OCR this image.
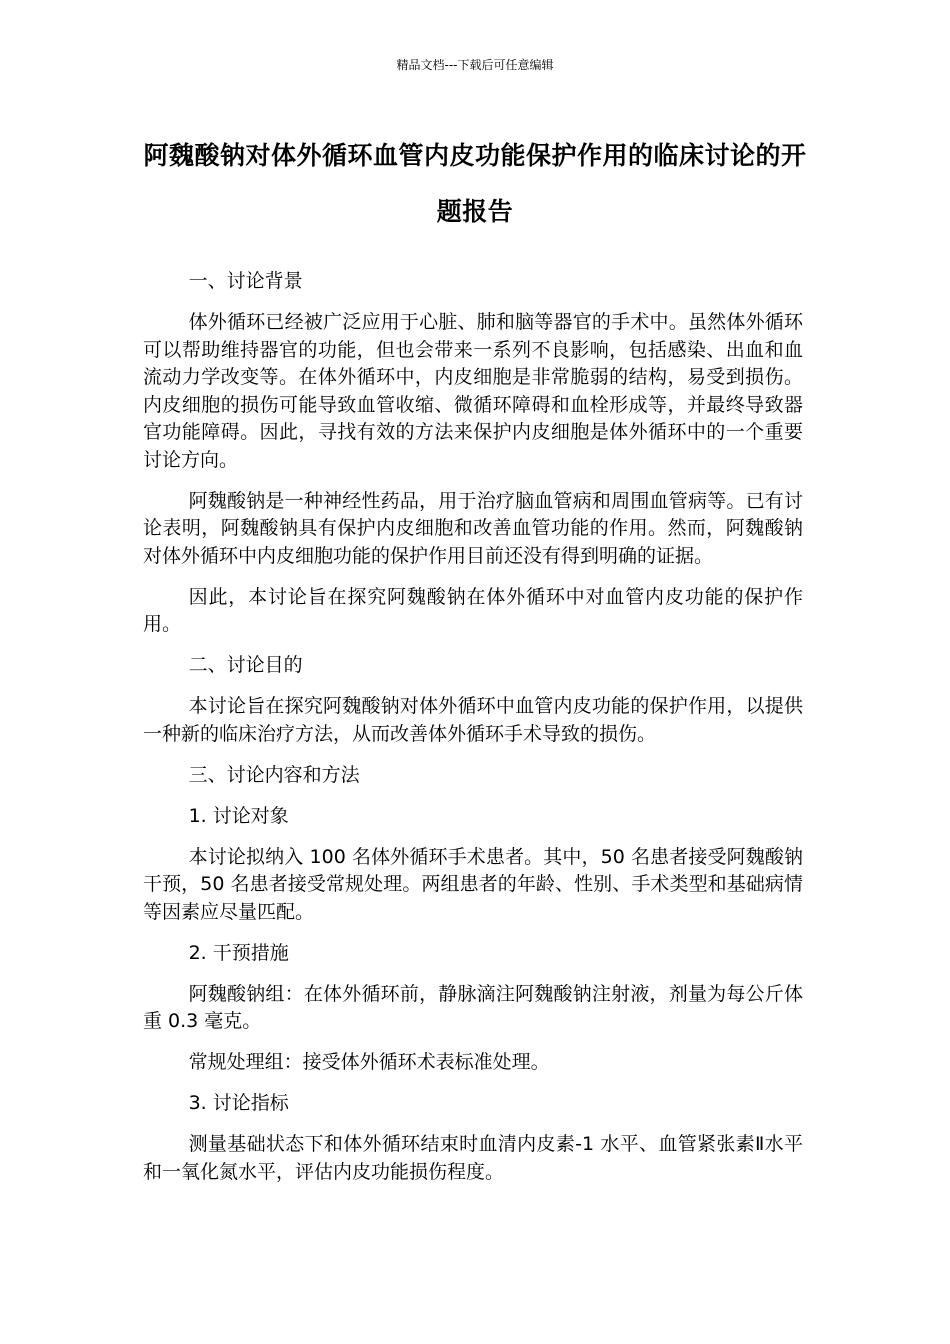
精品文档---下载后可任意编辑
阿魏酸钠对体外循环血管内皮功能保护作用的临床讨论的开题报告

一、讨论背景

体外循环已经被广泛应用于心脏、肺和脑等器官的手术中。虽然体外循环可以帮助维持器官的功能，但也会带来一系列不良影响，包括感染、出血和血流动力学改变等。在体外循环中，内皮细胞是非常脆弱的结构，易受到损伤。内皮细胞的损伤可能导致血管收缩、微循环障碍和血栓形成等，并最终导致器官功能障碍。因此，寻找有效的方法来保护内皮细胞是体外循环中的一个重要讨论方向。

阿魏酸钠是一种神经性药品，用于治疗脑血管病和周围血管病等。已有讨论表明，阿魏酸钠具有保护内皮细胞和改善血管功能的作用。然而，阿魏酸钠对体外循环中内皮细胞功能的保护作用目前还没有得到明确的证据。

因此，本讨论旨在探究阿魏酸钠在体外循环中对血管内皮功能的保护作用。

二、讨论目的

本讨论旨在探究阿魏酸钠对体外循环中血管内皮功能的保护作用，以提供一种新的临床治疗方法，从而改善体外循环手术导致的损伤。

三、讨论内容和方法

1. 讨论对象

本讨论拟纳入 100 名体外循环手术患者。其中，50 名患者接受阿魏酸钠干预，50 名患者接受常规处理。两组患者的年龄、性别、手术类型和基础病情等因素应尽量匹配。

2. 干预措施

阿魏酸钠组：在体外循环前，静脉滴注阿魏酸钠注射液，剂量为每公斤体重 0.3 毫克。

常规处理组：接受体外循环术表标准处理。

3. 讨论指标

测量基础状态下和体外循环结束时血清内皮素-1 水平、血管紧张素Ⅱ水平和一氧化氮水平，评估内皮功能损伤程度。
